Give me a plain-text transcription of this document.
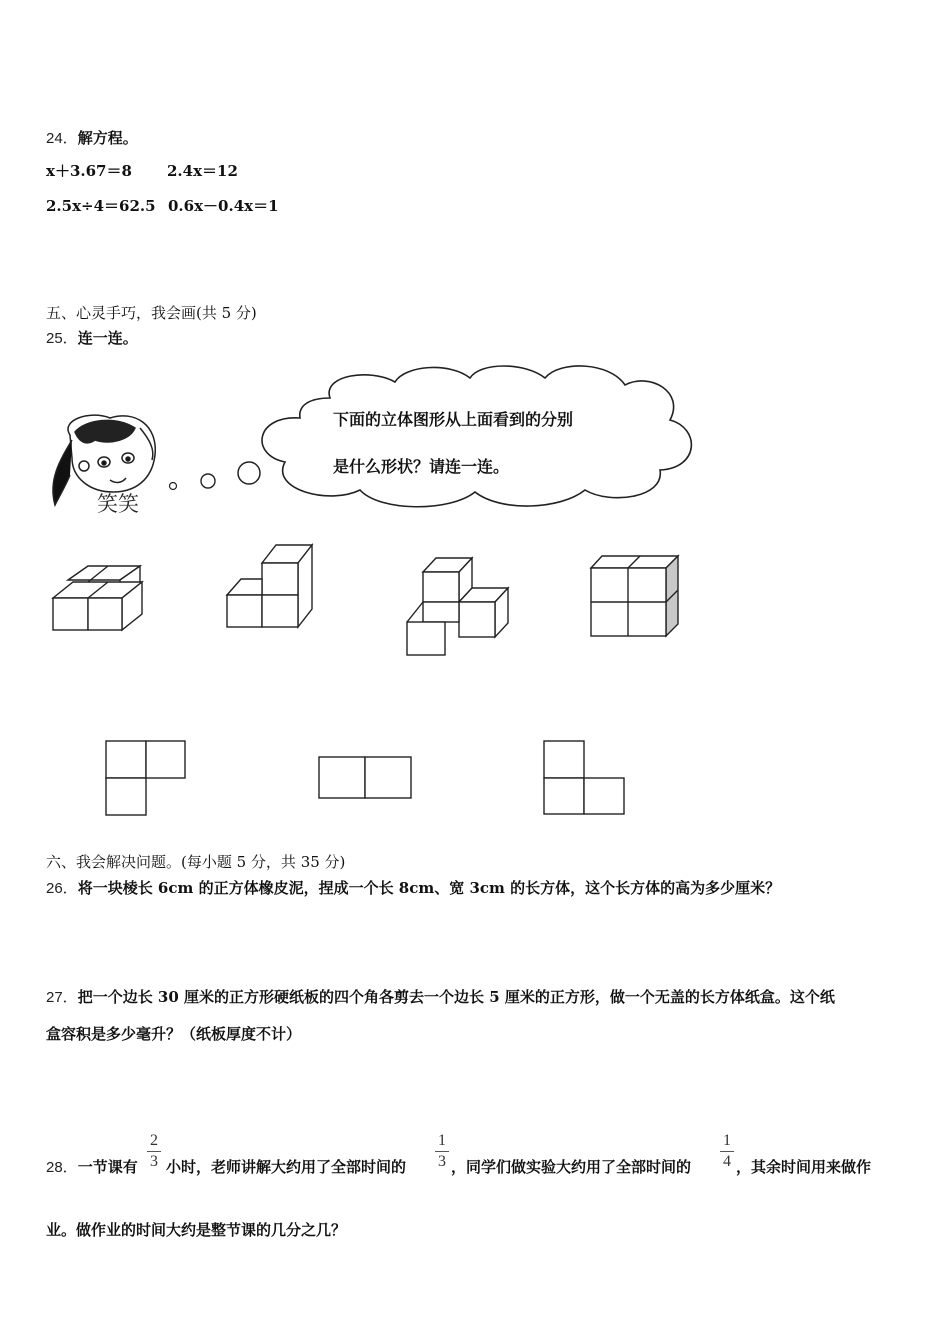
24．解方程。
x＋3.67＝8 2.4x＝12
2.5x÷4＝62.5 0.6x－0.4x＝1
五、心灵手巧，我会画(共 5 分)
25．连一连。
下面的立体图形从上面看到的分别
是什么形状？请连一连。
笑笑
六、我会解决问题。(每小题 5 分，共 35 分)
26．将一块棱长 6cm 的正方体橡皮泥，捏成一个长 8cm、宽 3cm 的长方体，这个长方体的高为多少厘米？
27．把一个边长 30 厘米的正方形硬纸板的四个角各剪去一个边长 5 厘米的正方形，做一个无盖的长方体纸盒。这个纸
盒容积是多少毫升？（纸板厚度不计）
28．一节课有
2
3 小时，老师讲解大约用了全部时间的
1
3 ，同学们做实验大约用了全部时间的
1
4 ，其余时间用来做作
业。做作业的时间大约是整节课的几分之几？
